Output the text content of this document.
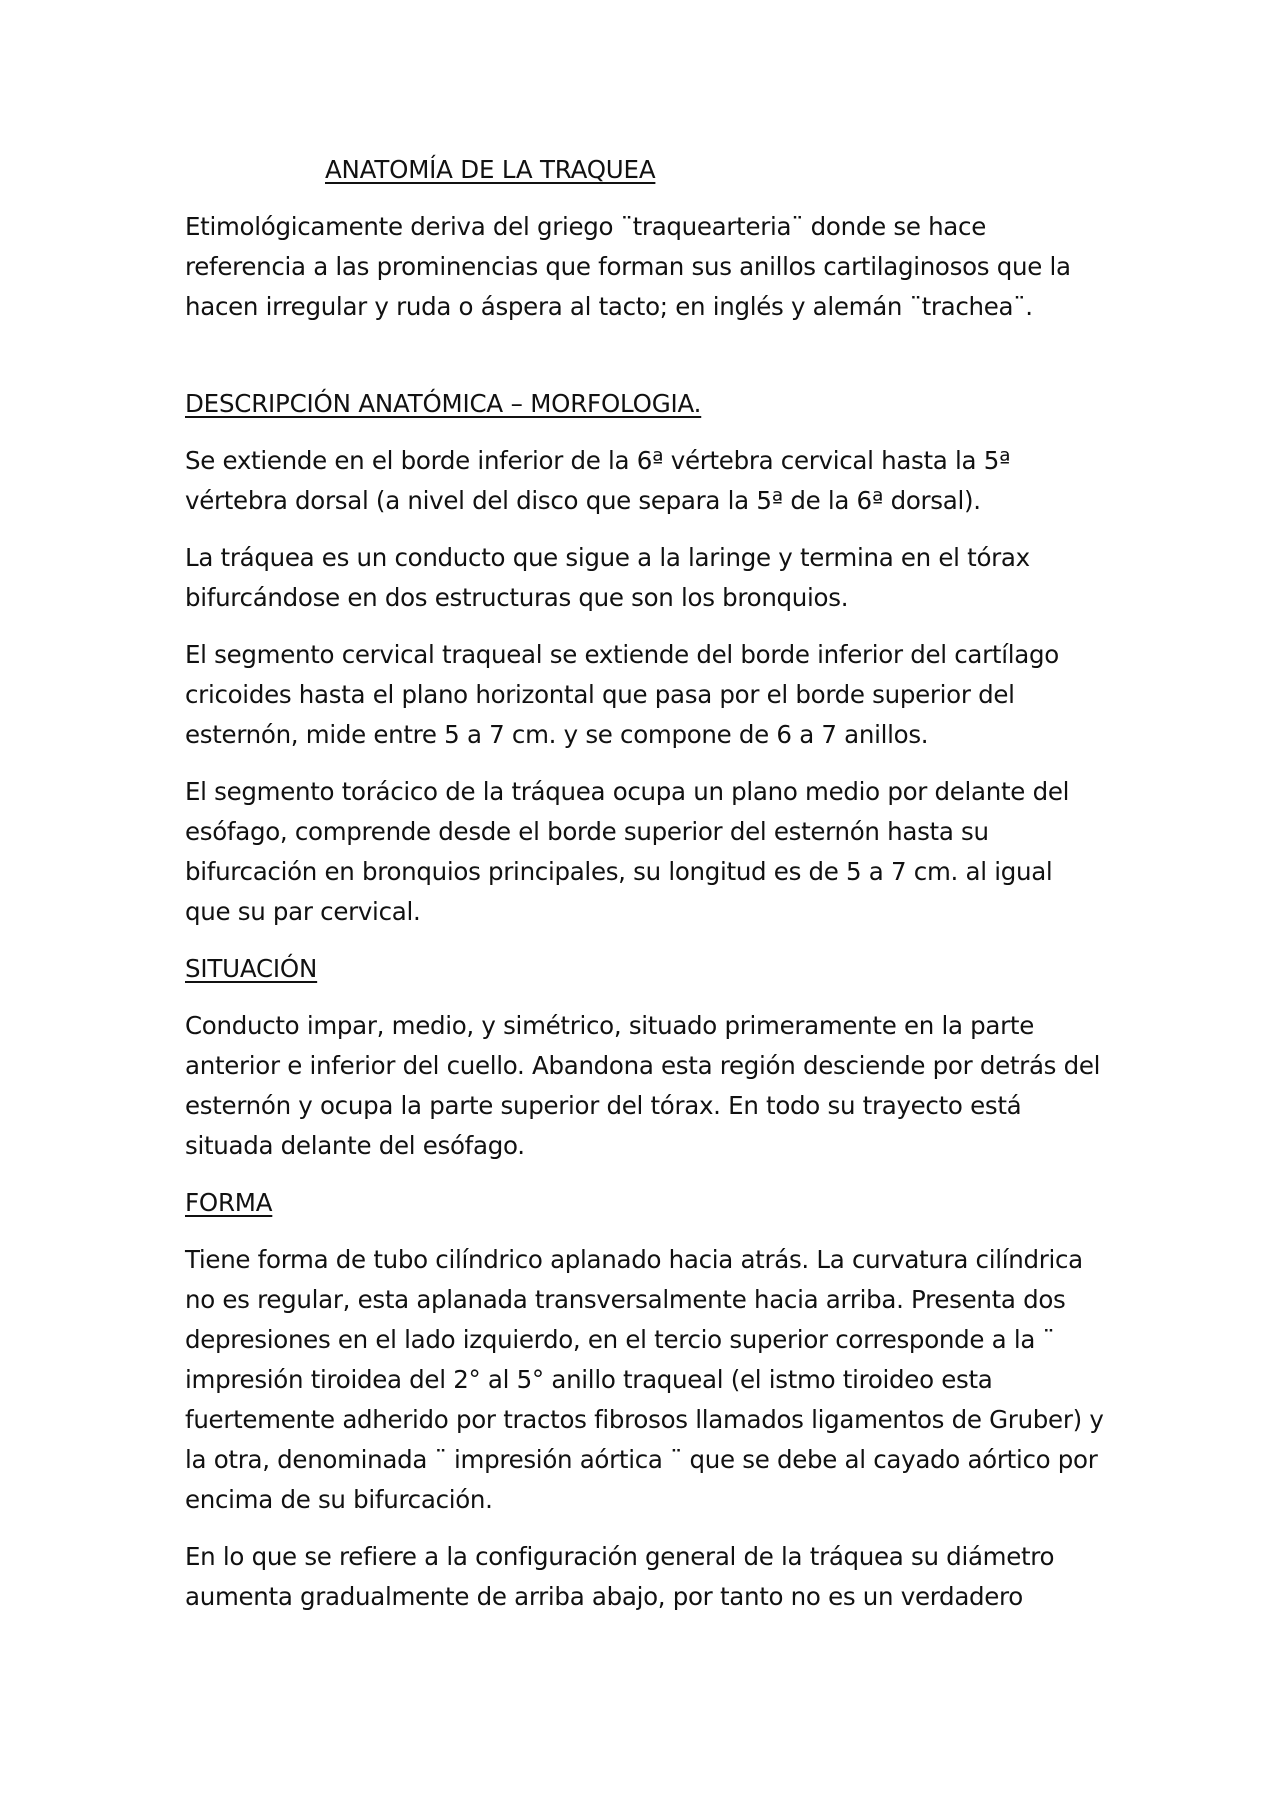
ANATOMÍA DE LA TRAQUEA

Etimológicamente deriva del griego ¨traquearteria¨ donde se hace referencia a las prominencias que forman sus anillos cartilaginosos que la hacen irregular y ruda o áspera al tacto; en inglés y alemán ¨trachea¨.

DESCRIPCIÓN ANATÓMICA – MORFOLOGIA.

Se extiende en el borde inferior de la 6ª vértebra cervical hasta la 5ª vértebra dorsal (a nivel del disco que separa la 5ª de la 6ª dorsal).

La tráquea es un conducto que sigue a la laringe y termina en el tórax bifurcándose en dos estructuras que son los bronquios.

El segmento cervical traqueal se extiende del borde inferior del cartílago cricoides hasta el plano horizontal que pasa por el borde superior del esternón, mide entre 5 a 7 cm. y se compone de 6 a 7 anillos.

El segmento torácico de la tráquea ocupa un plano medio por delante del esófago, comprende desde el borde superior del esternón hasta su bifurcación en bronquios principales, su longitud es de 5 a 7 cm. al igual que su par cervical.

SITUACIÓN

Conducto impar, medio, y simétrico, situado primeramente en la parte anterior e inferior del cuello. Abandona esta región desciende por detrás del esternón y ocupa la parte superior del tórax. En todo su trayecto está situada delante del esófago.

FORMA

Tiene forma de tubo cilíndrico aplanado hacia atrás. La curvatura cilíndrica no es regular, esta aplanada transversalmente hacia arriba. Presenta dos depresiones en el lado izquierdo, en el tercio superior corresponde a la ¨ impresión tiroidea del 2° al 5° anillo traqueal (el istmo tiroideo esta fuertemente adherido por tractos fibrosos llamados ligamentos de Gruber) y la otra, denominada ¨ impresión aórtica ¨ que se debe al cayado aórtico por encima de su bifurcación.

En lo que se refiere a la configuración general de la tráquea su diámetro aumenta gradualmente de arriba abajo, por tanto no es un verdadero
